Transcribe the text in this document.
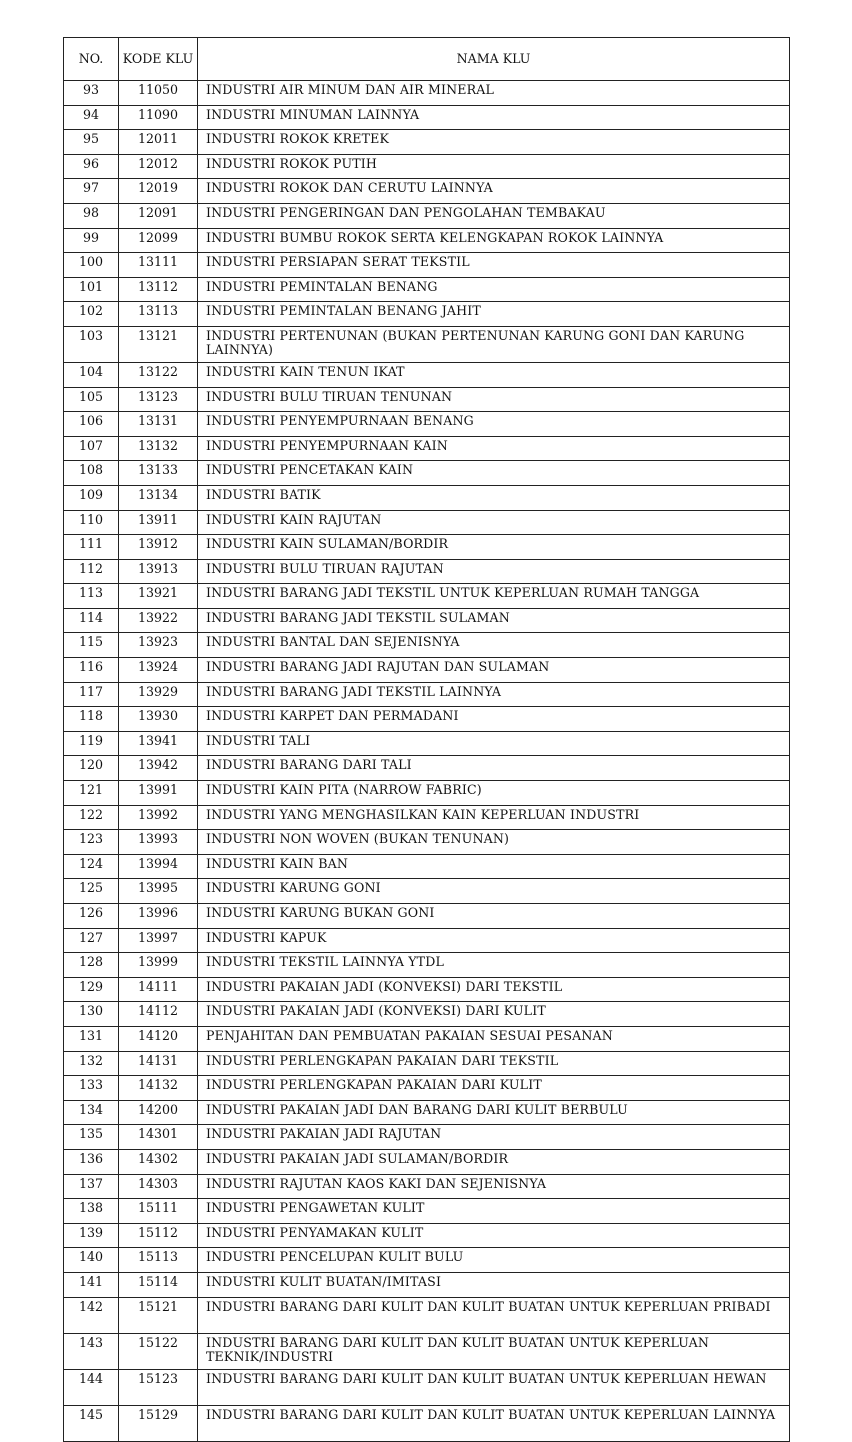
NO.	KODE KLU	NAMA KLU
93	11050	INDUSTRI AIR MINUM DAN AIR MINERAL
94	11090	INDUSTRI MINUMAN LAINNYA
95	12011	INDUSTRI ROKOK KRETEK
96	12012	INDUSTRI ROKOK PUTIH
97	12019	INDUSTRI ROKOK DAN CERUTU LAINNYA
98	12091	INDUSTRI PENGERINGAN DAN PENGOLAHAN TEMBAKAU
99	12099	INDUSTRI BUMBU ROKOK SERTA KELENGKAPAN ROKOK LAINNYA
100	13111	INDUSTRI PERSIAPAN SERAT TEKSTIL
101	13112	INDUSTRI PEMINTALAN BENANG
102	13113	INDUSTRI PEMINTALAN BENANG JAHIT
103	13121	INDUSTRI PERTENUNAN (BUKAN PERTENUNAN KARUNG GONI DAN KARUNG LAINNYA)
104	13122	INDUSTRI KAIN TENUN IKAT
105	13123	INDUSTRI BULU TIRUAN TENUNAN
106	13131	INDUSTRI PENYEMPURNAAN BENANG
107	13132	INDUSTRI PENYEMPURNAAN KAIN
108	13133	INDUSTRI PENCETAKAN KAIN
109	13134	INDUSTRI BATIK
110	13911	INDUSTRI KAIN RAJUTAN
111	13912	INDUSTRI KAIN SULAMAN/BORDIR
112	13913	INDUSTRI BULU TIRUAN RAJUTAN
113	13921	INDUSTRI BARANG JADI TEKSTIL UNTUK KEPERLUAN RUMAH TANGGA
114	13922	INDUSTRI BARANG JADI TEKSTIL SULAMAN
115	13923	INDUSTRI BANTAL DAN SEJENISNYA
116	13924	INDUSTRI BARANG JADI RAJUTAN DAN SULAMAN
117	13929	INDUSTRI BARANG JADI TEKSTIL LAINNYA
118	13930	INDUSTRI KARPET DAN PERMADANI
119	13941	INDUSTRI TALI
120	13942	INDUSTRI BARANG DARI TALI
121	13991	INDUSTRI KAIN PITA (NARROW FABRIC)
122	13992	INDUSTRI YANG MENGHASILKAN KAIN KEPERLUAN INDUSTRI
123	13993	INDUSTRI NON WOVEN (BUKAN TENUNAN)
124	13994	INDUSTRI KAIN BAN
125	13995	INDUSTRI KARUNG GONI
126	13996	INDUSTRI KARUNG BUKAN GONI
127	13997	INDUSTRI KAPUK
128	13999	INDUSTRI TEKSTIL LAINNYA YTDL
129	14111	INDUSTRI PAKAIAN JADI (KONVEKSI) DARI TEKSTIL
130	14112	INDUSTRI PAKAIAN JADI (KONVEKSI) DARI KULIT
131	14120	PENJAHITAN DAN PEMBUATAN PAKAIAN SESUAI PESANAN
132	14131	INDUSTRI PERLENGKAPAN PAKAIAN DARI TEKSTIL
133	14132	INDUSTRI PERLENGKAPAN PAKAIAN DARI KULIT
134	14200	INDUSTRI PAKAIAN JADI DAN BARANG DARI KULIT BERBULU
135	14301	INDUSTRI PAKAIAN JADI RAJUTAN
136	14302	INDUSTRI PAKAIAN JADI SULAMAN/BORDIR
137	14303	INDUSTRI RAJUTAN KAOS KAKI DAN SEJENISNYA
138	15111	INDUSTRI PENGAWETAN KULIT
139	15112	INDUSTRI PENYAMAKAN KULIT
140	15113	INDUSTRI PENCELUPAN KULIT BULU
141	15114	INDUSTRI KULIT BUATAN/IMITASI
142	15121	INDUSTRI BARANG DARI KULIT DAN KULIT BUATAN UNTUK KEPERLUAN PRIBADI
143	15122	INDUSTRI BARANG DARI KULIT DAN KULIT BUATAN UNTUK KEPERLUAN TEKNIK/INDUSTRI
144	15123	INDUSTRI BARANG DARI KULIT DAN KULIT BUATAN UNTUK KEPERLUAN HEWAN
145	15129	INDUSTRI BARANG DARI KULIT DAN KULIT BUATAN UNTUK KEPERLUAN LAINNYA
